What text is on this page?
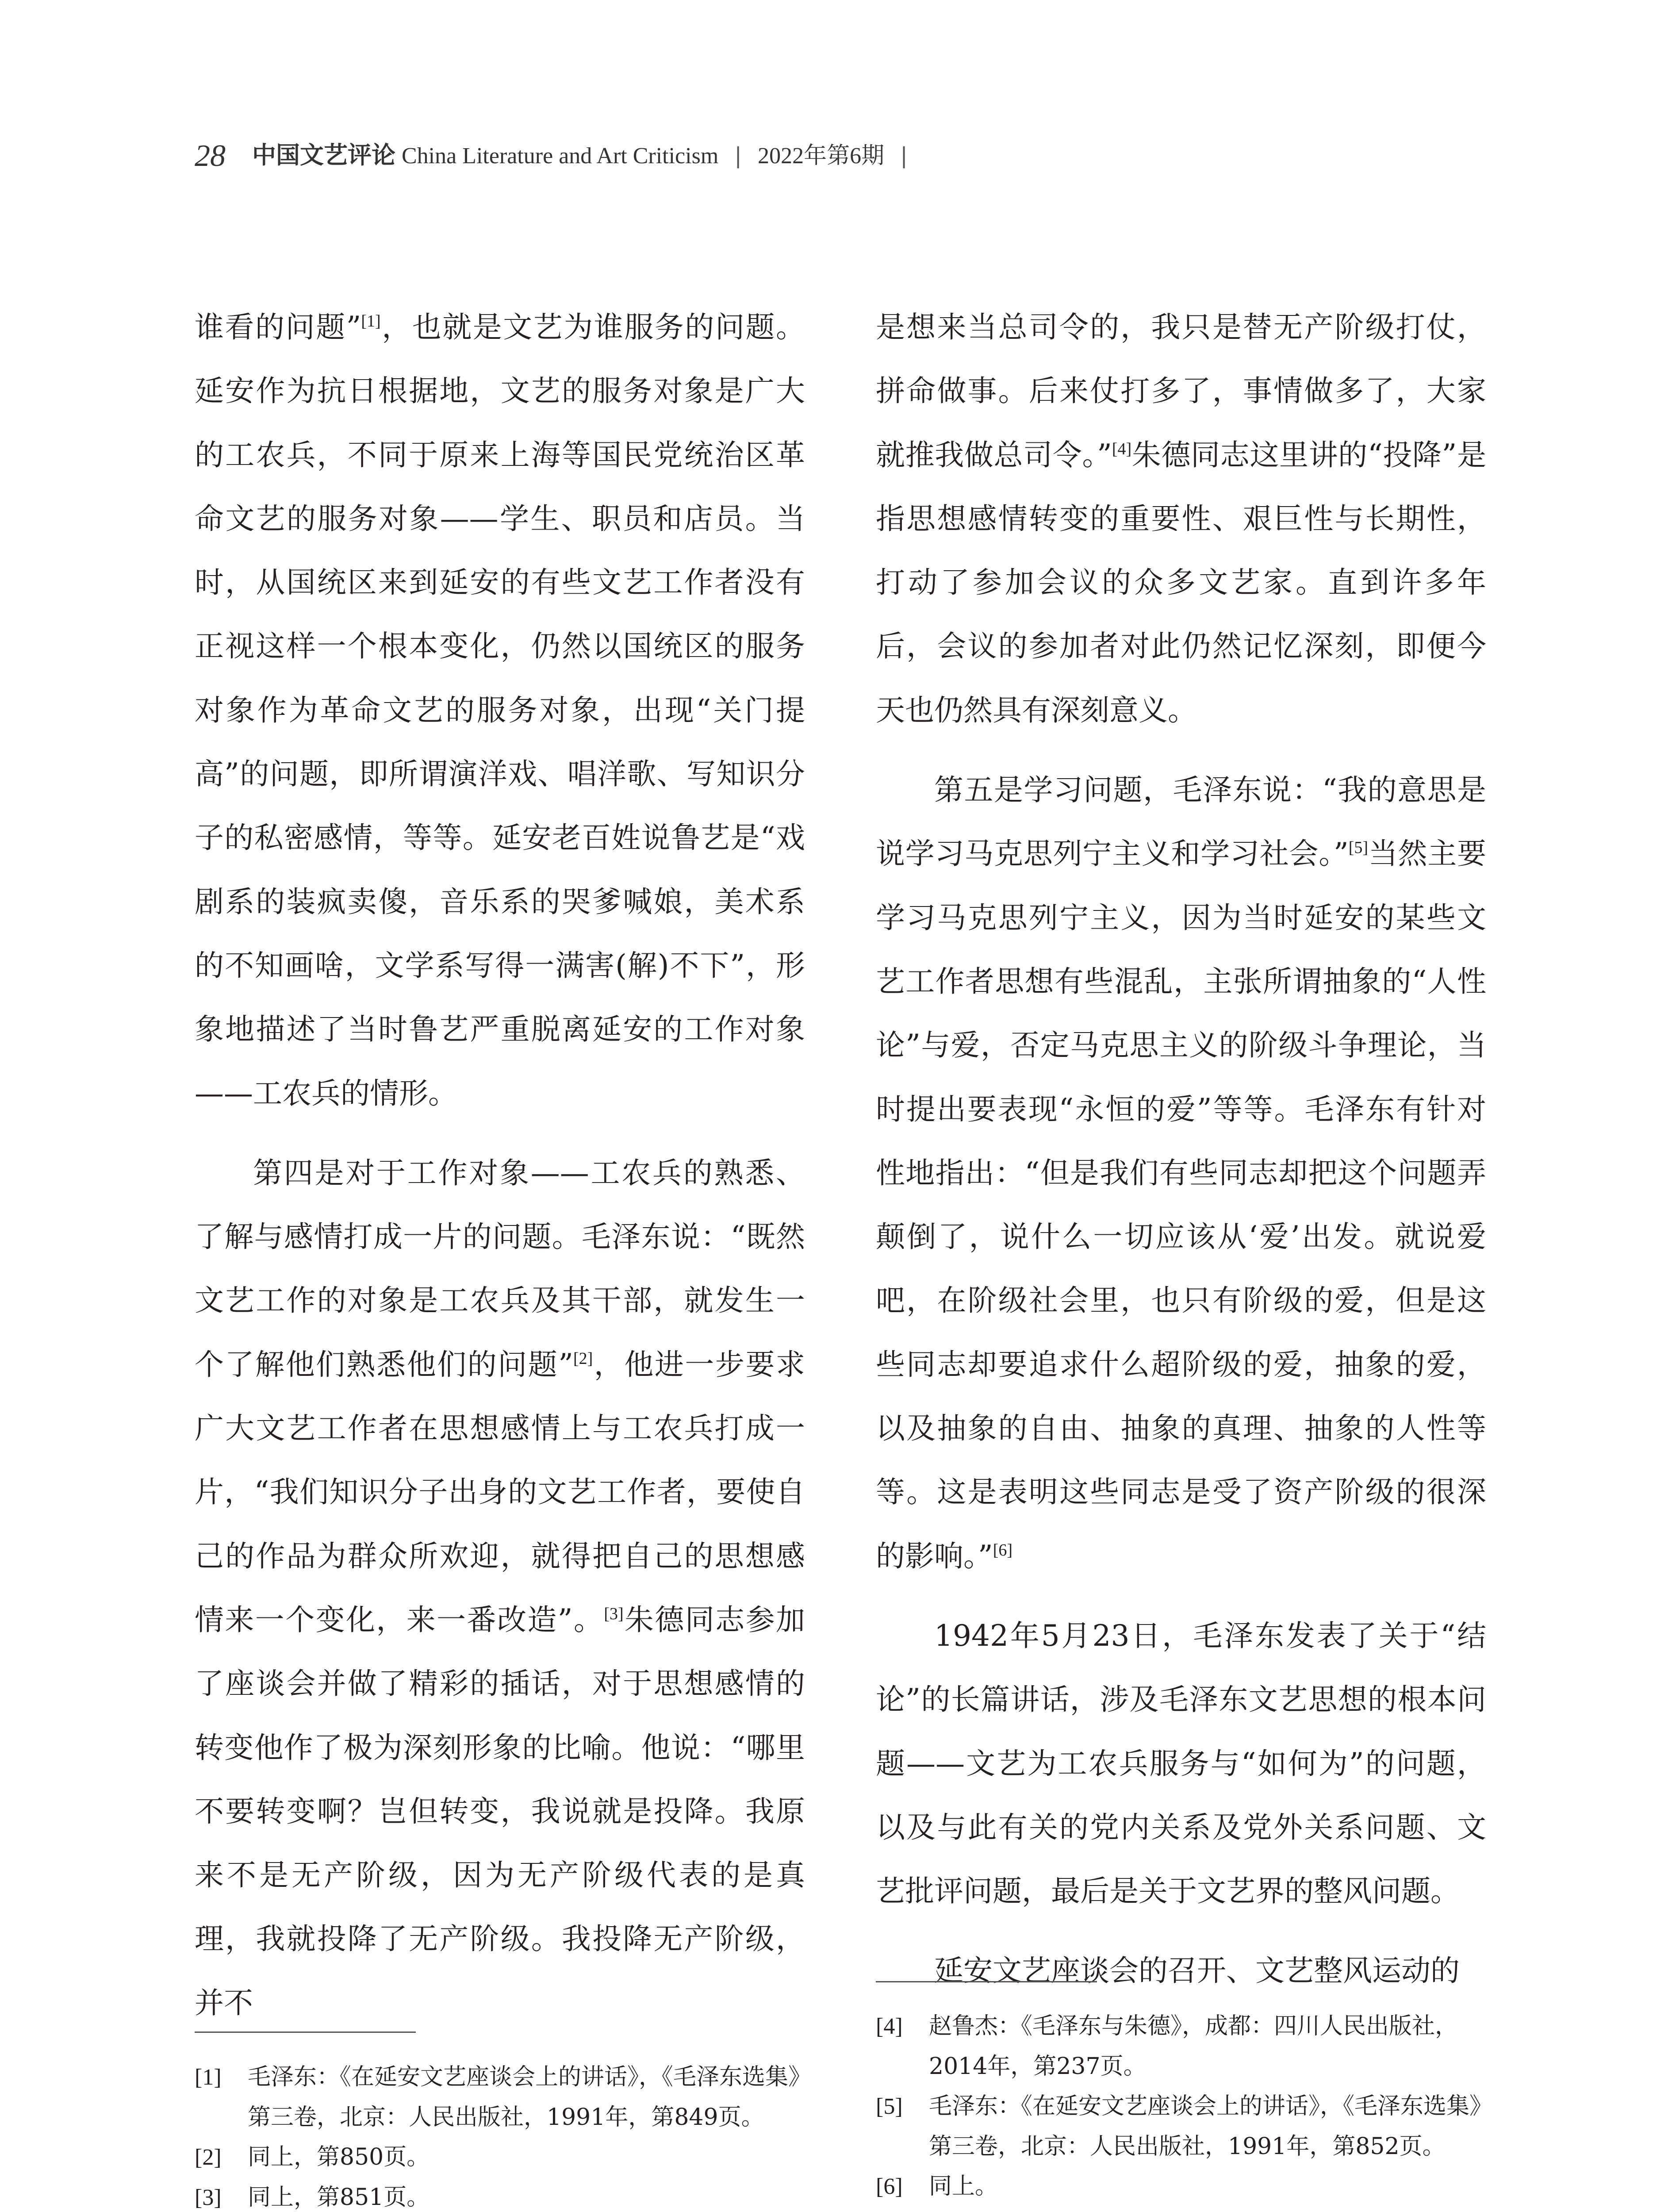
28 中国文艺评论 China Literature and Art Criticism | 2022年第6期 |

谁看的问题”[1]，也就是文艺为谁服务的问题。延安作为抗日根据地，文艺的服务对象是广大的工农兵，不同于原来上海等国民党统治区革命文艺的服务对象——学生、职员和店员。当时，从国统区来到延安的有些文艺工作者没有正视这样一个根本变化，仍然以国统区的服务对象作为革命文艺的服务对象，出现“关门提高”的问题，即所谓演洋戏、唱洋歌、写知识分子的私密感情，等等。延安老百姓说鲁艺是“戏剧系的装疯卖傻，音乐系的哭爹喊娘，美术系的不知画啥，文学系写得一满害(解)不下”，形象地描述了当时鲁艺严重脱离延安的工作对象——工农兵的情形。

第四是对于工作对象——工农兵的熟悉、了解与感情打成一片的问题。毛泽东说：“既然文艺工作的对象是工农兵及其干部，就发生一个了解他们熟悉他们的问题”[2]，他进一步要求广大文艺工作者在思想感情上与工农兵打成一片，“我们知识分子出身的文艺工作者，要使自己的作品为群众所欢迎，就得把自己的思想感情来一个变化，来一番改造”。[3]朱德同志参加了座谈会并做了精彩的插话，对于思想感情的转变他作了极为深刻形象的比喻。他说：“哪里不要转变啊？岂但转变，我说就是投降。我原来不是无产阶级，因为无产阶级代表的是真理，我就投降了无产阶级。我投降无产阶级，并不

是想来当总司令的，我只是替无产阶级打仗，拼命做事。后来仗打多了，事情做多了，大家就推我做总司令。”[4]朱德同志这里讲的“投降”是指思想感情转变的重要性、艰巨性与长期性，打动了参加会议的众多文艺家。直到许多年后，会议的参加者对此仍然记忆深刻，即便今天也仍然具有深刻意义。

第五是学习问题，毛泽东说：“我的意思是说学习马克思列宁主义和学习社会。”[5]当然主要学习马克思列宁主义，因为当时延安的某些文艺工作者思想有些混乱，主张所谓抽象的“人性论”与爱，否定马克思主义的阶级斗争理论，当时提出要表现“永恒的爱”等等。毛泽东有针对性地指出：“但是我们有些同志却把这个问题弄颠倒了，说什么一切应该从‘爱’出发。就说爱吧，在阶级社会里，也只有阶级的爱，但是这些同志却要追求什么超阶级的爱，抽象的爱，以及抽象的自由、抽象的真理、抽象的人性等等。这是表明这些同志是受了资产阶级的很深的影响。”[6]

1942年5月23日，毛泽东发表了关于“结论”的长篇讲话，涉及毛泽东文艺思想的根本问题——文艺为工农兵服务与“如何为”的问题，以及与此有关的党内关系及党外关系问题、文艺批评问题，最后是关于文艺界的整风问题。

延安文艺座谈会的召开、文艺整风运动的

[1] 毛泽东：《在延安文艺座谈会上的讲话》，《毛泽东选集》第三卷，北京：人民出版社，1991年，第849页。
[2] 同上，第850页。
[3] 同上，第851页。
[4] 赵鲁杰：《毛泽东与朱德》，成都：四川人民出版社，2014年，第237页。
[5] 毛泽东：《在延安文艺座谈会上的讲话》，《毛泽东选集》第三卷，北京：人民出版社，1991年，第852页。
[6] 同上。
